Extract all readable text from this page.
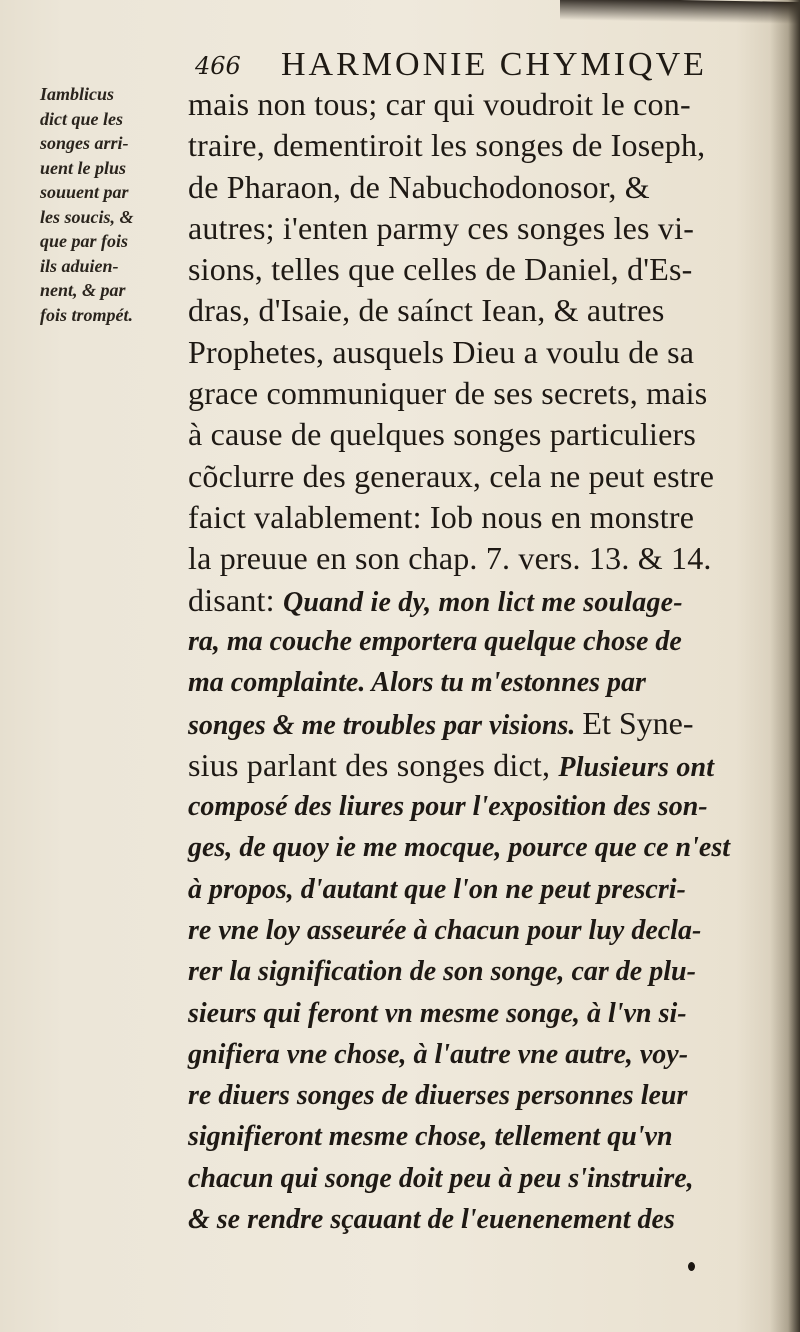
466 HARMONIE CHYMIQVE
Iamblicus
dict que les
songes arri-
uent le plus
souuent par
les soucis, &
que par fois
ils aduien-
nent, & par
fois trompét.
mais non tous; car qui voudroit le con-
traire, dementiroit les songes de Ioseph,
de Pharaon, de Nabuchodonosor, &
autres; i'enten parmy ces songes les vi-
sions, telles que celles de Daniel, d'Es-
dras, d'Isaie, de saínct Iean, & autres
Prophetes, ausquels Dieu a voulu de sa
grace communiquer de ses secrets, mais
à cause de quelques songes particuliers
cõclurre des generaux, cela ne peut estre
faict valablement: Iob nous en monstre
la preuue en son chap. 7. vers. 13. & 14.
disant: Quand ie dy, mon lict me soulage-
ra, ma couche emportera quelque chose de
ma complainte. Alors tu m'estonnes par
songes & me troubles par visions. Et Syne-
sius parlant des songes dict, Plusieurs ont
composé des liures pour l'exposition des son-
ges, de quoy ie me mocque, pource que ce n'est
à propos, d'autant que l'on ne peut prescri-
re vne loy asseurée à chacun pour luy decla-
rer la signification de son songe, car de plu-
sieurs qui feront vn mesme songe, à l'vn si-
gnifiera vne chose, à l'autre vne autre, voy-
re diuers songes de diuerses personnes leur
signifieront mesme chose, tellement qu'vn
chacun qui songe doit peu à peu s'instruire,
& se rendre sçauant de l'euenenement des
